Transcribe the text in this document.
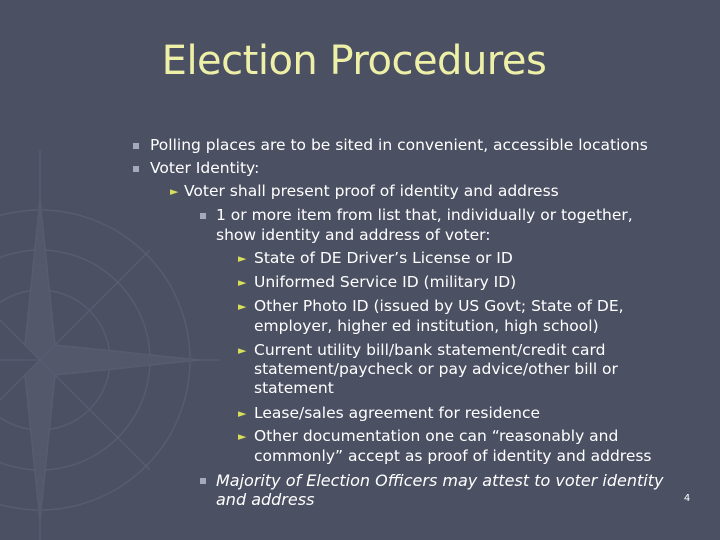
Election Procedures
Polling places are to be sited in convenient, accessible locations
Voter Identity:
► Voter shall present proof of identity and address
1 or more item from list that, individually or together,
show identity and address of voter:
► State of DE Driver’s License or ID
► Uniformed Service ID (military ID)
► Other Photo ID (issued by US Govt; State of DE,
employer, higher ed institution, high school)
► Current utility bill/bank statement/credit card
statement/paycheck or pay advice/other bill or
statement
► Lease/sales agreement for residence
► Other documentation one can “reasonably and
commonly” accept as proof of identity and address
Majority of Election Officers may attest to voter identity
and address	4
